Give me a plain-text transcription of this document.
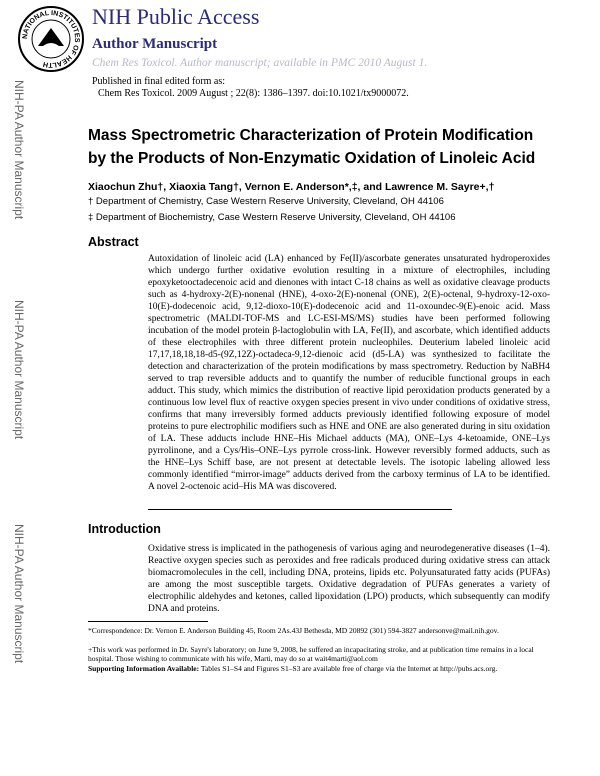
NATIONAL INSTITUTES OF HEALTH
NIH Public Access
Author Manuscript
Chem Res Toxicol. Author manuscript; available in PMC 2010 August 1.
Published in final edited form as:
Chem Res Toxicol. 2009 August ; 22(8): 1386–1397. doi:10.1021/tx9000072.
NIH-PA Author Manuscript
NIH-PA Author Manuscript
NIH-PA Author Manuscript
Mass Spectrometric Characterization of Protein Modification by the Products of Non-Enzymatic Oxidation of Linoleic Acid
Xiaochun Zhu†, Xiaoxia Tang†, Vernon E. Anderson*,‡, and Lawrence M. Sayre+,†
† Department of Chemistry, Case Western Reserve University, Cleveland, OH 44106
‡ Department of Biochemistry, Case Western Reserve University, Cleveland, OH 44106
Abstract
Autoxidation of linoleic acid (LA) enhanced by Fe(II)/ascorbate generates unsaturated hydroperoxides which undergo further oxidative evolution resulting in a mixture of electrophiles, including epoxyketooctadecenoic acid and dienones with intact C-18 chains as well as oxidative cleavage products such as 4-hydroxy-2(E)-nonenal (HNE), 4-oxo-2(E)-nonenal (ONE), 2(E)-octenal, 9-hydroxy-12-oxo-10(E)-dodecenoic acid, 9,12-dioxo-10(E)-dodecenoic acid and 11-oxoundec-9(E)-enoic acid. Mass spectrometric (MALDI-TOF-MS and LC-ESI-MS/MS) studies have been performed following incubation of the model protein β-lactoglobulin with LA, Fe(II), and ascorbate, which identified adducts of these electrophiles with three different protein nucleophiles. Deuterium labeled linoleic acid 17,17,18,18,18-d5-(9Z,12Z)-octadeca-9,12-dienoic acid (d5-LA) was synthesized to facilitate the detection and characterization of the protein modifications by mass spectrometry. Reduction by NaBH4 served to trap reversible adducts and to quantify the number of reducible functional groups in each adduct. This study, which mimics the distribution of reactive lipid peroxidation products generated by a continuous low level flux of reactive oxygen species present in vivo under conditions of oxidative stress, confirms that many irreversibly formed adducts previously identified following exposure of model proteins to pure electrophilic modifiers such as HNE and ONE are also generated during in situ oxidation of LA. These adducts include HNE–His Michael adducts (MA), ONE–Lys 4-ketoamide, ONE–Lys pyrrolinone, and a Cys/His–ONE–Lys pyrrole cross-link. However reversibly formed adducts, such as the HNE–Lys Schiff base, are not present at detectable levels. The isotopic labeling allowed less commonly identified “mirror-image” adducts derived from the carboxy terminus of LA to be identified. A novel 2-octenoic acid–His MA was discovered.
Introduction
Oxidative stress is implicated in the pathogenesis of various aging and neurodegenerative diseases (1–4). Reactive oxygen species such as peroxides and free radicals produced during oxidative stress can attack biomacromolecules in the cell, including DNA, proteins, lipids etc. Polyunsaturated fatty acids (PUFAs) are among the most susceptible targets. Oxidative degradation of PUFAs generates a variety of electrophilic aldehydes and ketones, called lipoxidation (LPO) products, which subsequently can modify DNA and proteins.
*Correspondence: Dr. Vernon E. Anderson Building 45, Room 2As.43J Bethesda, MD 20892 (301) 594-3827 andersonve@mail.nih.gov.
+This work was performed in Dr. Sayre's laboratory; on June 9, 2008, he suffered an incapacitating stroke, and at publication time remains in a local hospital. Those wishing to communicate with his wife, Marti, may do so at wait4marti@aol.com
Supporting Information Available: Tables S1–S4 and Figures S1–S3 are available free of charge via the Internet at http://pubs.acs.org.
